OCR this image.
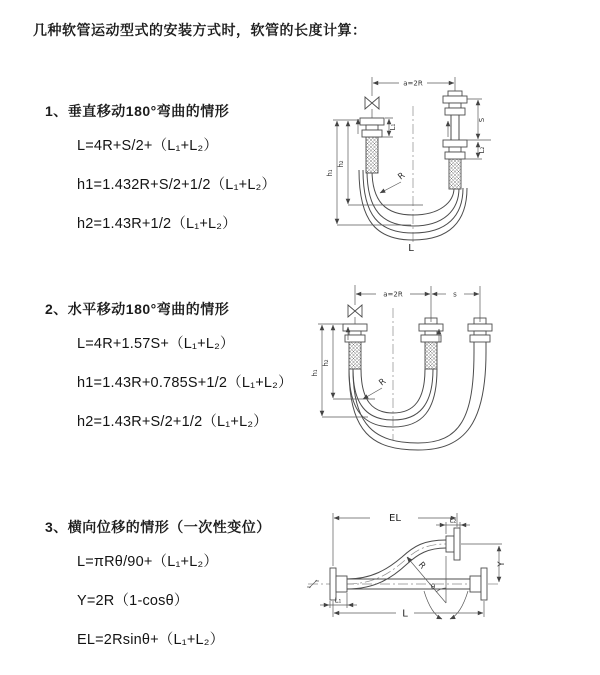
几种软管运动型式的安装方式时，软管的长度计算：

1、垂直移动180°弯曲的情形

L=4R+S/2+（L₁+L₂）

h1=1.432R+S/2+1/2（L₁+L₂）

h2=1.43R+1/2（L₁+L₂）

2、水平移动180°弯曲的情形

L=4R+1.57S+（L₁+L₂）

h1=1.43R+0.785S+1/2（L₁+L₂）

h2=1.43R+S/2+1/2（L₁+L₂）

3、横向位移的情形（一次性变位）

L=πRθ/90+（L₁+L₂）

Y=2R（1-cosθ）

EL=2Rsinθ+（L₁+L₂）

a=2R
S
L₂
L₁
h₁
h₂
R
L
a=2R	s
h₁
h₂
R
EL
L
Y
L₂
L₁
R
θ
